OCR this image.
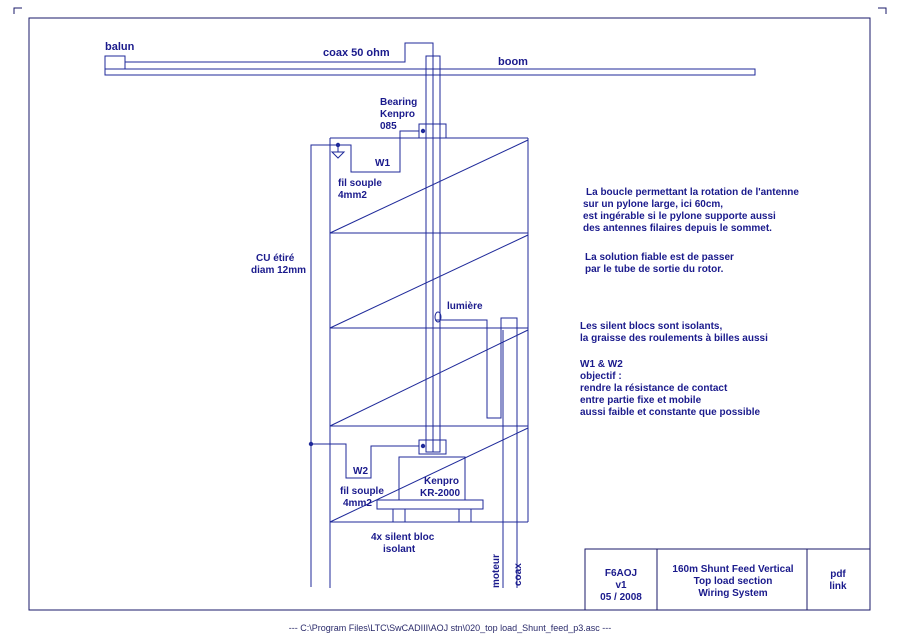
balun	coax 50 ohm
boom
Bearing
Kenpro
085
W1
fil souple
4mm2
CU étiré
diam 12mm
lumière
W2
fil souple
4mm2
Kenpro
KR-2000
4x silent bloc
isolant
moteur coax
La boucle permettant la rotation de l'antenne
sur un pylone large, ici 60cm,
est ingérable si le pylone supporte aussi
des antennes filaires depuis le sommet.
La solution fiable est de passer
par le tube de sortie du rotor.
Les silent blocs sont isolants,
la graisse des roulements à billes aussi
W1 & W2
objectif :
rendre la résistance de contact
entre partie fixe et mobile
aussi faible et constante que possible
F6AOJ
v1
05 / 2008
160m Shunt Feed Vertical
Top load section
Wiring System
pdf
link
--- C:\Program Files\LTC\SwCADIII\AOJ stn\020_top load_Shunt_feed_p3.asc ---
